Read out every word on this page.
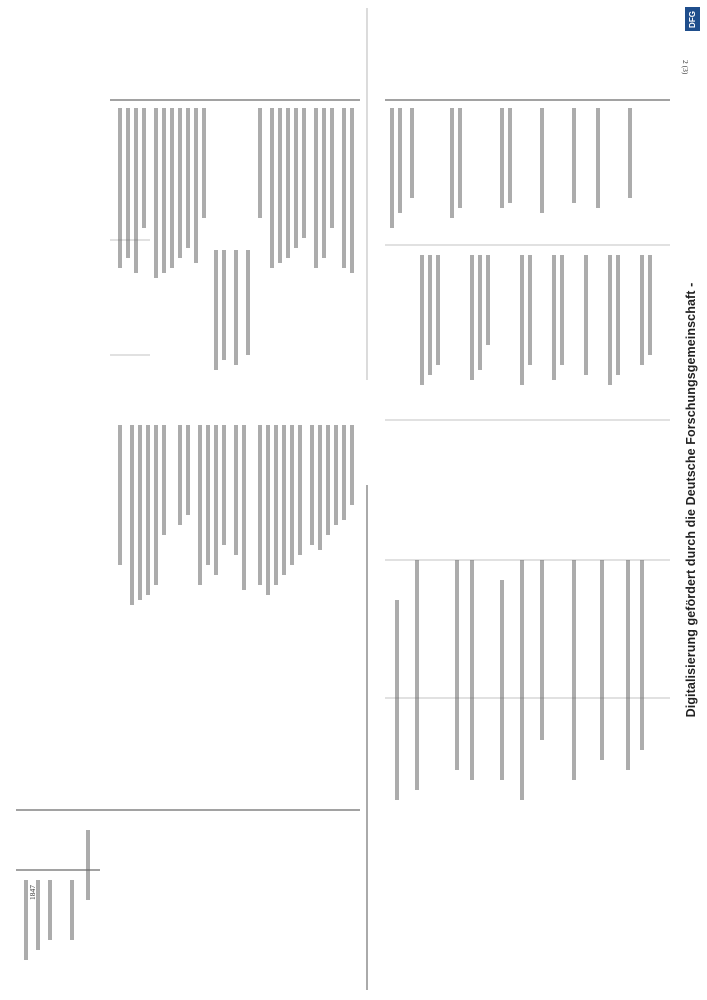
Digitalisierung gefördert durch die Deutsche Forschungsgemeinschaft -
DFG
2 (3)
1847
